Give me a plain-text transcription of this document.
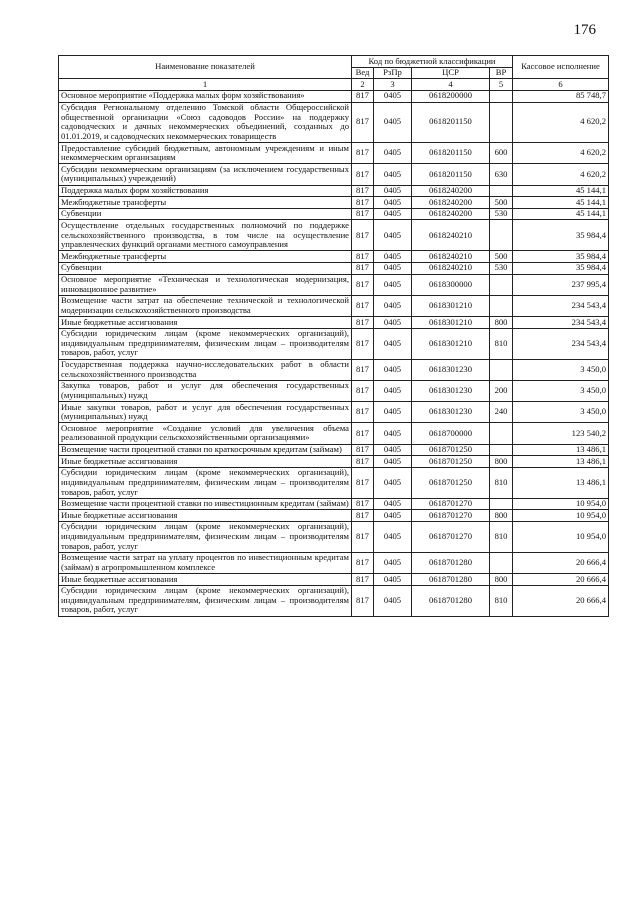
176
Наименование показателей	Код по бюджетной классификации				Кассовое исполнение
	Вед	РзПр	ЦСР	ВР	
1	2	3	4	5	6
Основное мероприятие «Поддержка малых форм хозяйствования»	817	0405	0618200000		85 748,7
Субсидия Региональному отделению Томской области Общероссийской общественной организации «Союз садоводов России» на поддержку садоводческих и дачных некоммерческих объединений, созданных до 01.01.2019, и садоводческих некоммерческих товариществ	817	0405	0618201150		4 620,2
Предоставление субсидий бюджетным, автономным учреждениям и иным некоммерческим организациям	817	0405	0618201150	600	4 620,2
Субсидии некоммерческим организациям (за исключением государственных (муниципальных) учреждений)	817	0405	0618201150	630	4 620,2
Поддержка малых форм хозяйствования	817	0405	0618240200		45 144,1
Межбюджетные трансферты	817	0405	0618240200	500	45 144,1
Субвенции	817	0405	0618240200	530	45 144,1
Осуществление отдельных государственных полномочий по поддержке сельскохозяйственного производства, в том числе на осуществление управленческих функций органами местного самоуправления	817	0405	0618240210		35 984,4
Межбюджетные трансферты	817	0405	0618240210	500	35 984,4
Субвенции	817	0405	0618240210	530	35 984,4
Основное мероприятие «Техническая и технологическая модернизация, инновационное развитие»	817	0405	0618300000		237 995,4
Возмещение части затрат на обеспечение технической и технологической модернизации сельскохозяйственного производства	817	0405	0618301210		234 543,4
Иные бюджетные ассигнования	817	0405	0618301210	800	234 543,4
Субсидии юридическим лицам (кроме некоммерческих организаций), индивидуальным предпринимателям, физическим лицам – производителям товаров, работ, услуг	817	0405	0618301210	810	234 543,4
Государственная поддержка научно-исследовательских работ в области сельскохозяйственного производства	817	0405	0618301230		3 450,0
Закупка товаров, работ и услуг для обеспечения государственных (муниципальных) нужд	817	0405	0618301230	200	3 450,0
Иные закупки товаров, работ и услуг для обеспечения государственных (муниципальных) нужд	817	0405	0618301230	240	3 450,0
Основное мероприятие «Создание условий для увеличения объема реализованной продукции сельскохозяйственными организациями»	817	0405	0618700000		123 540,2
Возмещение части процентной ставки по краткосрочным кредитам (займам)	817	0405	0618701250		13 486,1
Иные бюджетные ассигнования	817	0405	0618701250	800	13 486,1
Субсидии юридическим лицам (кроме некоммерческих организаций), индивидуальным предпринимателям, физическим лицам – производителям товаров, работ, услуг	817	0405	0618701250	810	13 486,1
Возмещение части процентной ставки по инвестиционным кредитам (займам)	817	0405	0618701270		10 954,0
Иные бюджетные ассигнования	817	0405	0618701270	800	10 954,0
Субсидии юридическим лицам (кроме некоммерческих организаций), индивидуальным предпринимателям, физическим лицам – производителям товаров, работ, услуг	817	0405	0618701270	810	10 954,0
Возмещение части затрат на уплату процентов по инвестиционным кредитам (займам) в агропромышленном комплексе	817	0405	0618701280		20 666,4
Иные бюджетные ассигнования	817	0405	0618701280	800	20 666,4
Субсидии юридическим лицам (кроме некоммерческих организаций), индивидуальным предпринимателям, физическим лицам – производителям товаров, работ, услуг	817	0405	0618701280	810	20 666,4
